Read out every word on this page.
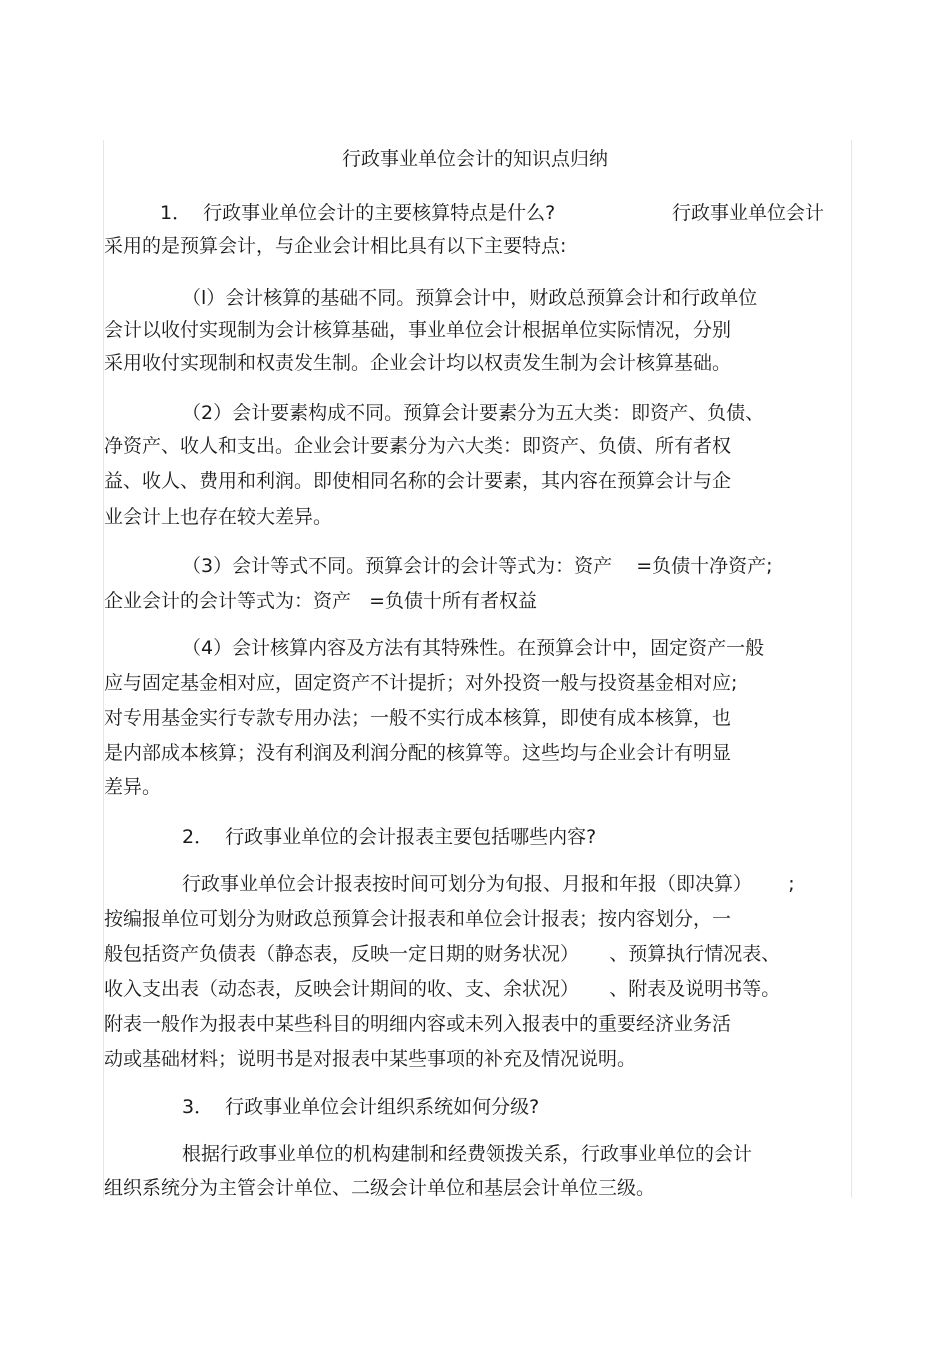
行政事业单位会计的知识点归纳
1．  行政事业单位会计的主要核算特点是什么?	行政事业单位会计
采用的是预算会计，与企业会计相比具有以下主要特点:
（l）会计核算的基础不同。预算会计中，财政总预算会计和行政单位
会计以收付实现制为会计核算基础，事业单位会计根据单位实际情况，分别
采用收付实现制和权责发生制。企业会计均以权责发生制为会计核算基础。
（2）会计要素构成不同。预算会计要素分为五大类：即资产、负债、
净资产、收人和支出。企业会计要素分为六大类：即资产、负债、所有者权
益、收人、费用和利润。即使相同名称的会计要素，其内容在预算会计与企
业会计上也存在较大差异。
（3）会计等式不同。预算会计的会计等式为：资产    =负债十净资产;
企业会计的会计等式为：资产   =负债十所有者权益
（4）会计核算内容及方法有其特殊性。在预算会计中，固定资产一般
应与固定基金相对应，固定资产不计提折；对外投资一般与投资基金相对应;
对专用基金实行专款专用办法；一般不实行成本核算，即使有成本核算，也
是内部成本核算；没有利润及利润分配的核算等。这些均与企业会计有明显
差异。
2．  行政事业单位的会计报表主要包括哪些内容?
行政事业单位会计报表按时间可划分为旬报、月报和年报（即决算）      ;
按编报单位可划分为财政总预算会计报表和单位会计报表；按内容划分，一
般包括资产负债表（静态表，反映一定日期的财务状况）     、预算执行情况表、
收入支出表（动态表，反映会计期间的收、支、余状况）     、附表及说明书等。
附表一般作为报表中某些科目的明细内容或未列入报表中的重要经济业务活
动或基础材料；说明书是对报表中某些事项的补充及情况说明。
3．  行政事业单位会计组织系统如何分级?
根据行政事业单位的机构建制和经费领拨关系，行政事业单位的会计
组织系统分为主管会计单位、二级会计单位和基层会计单位三级。
